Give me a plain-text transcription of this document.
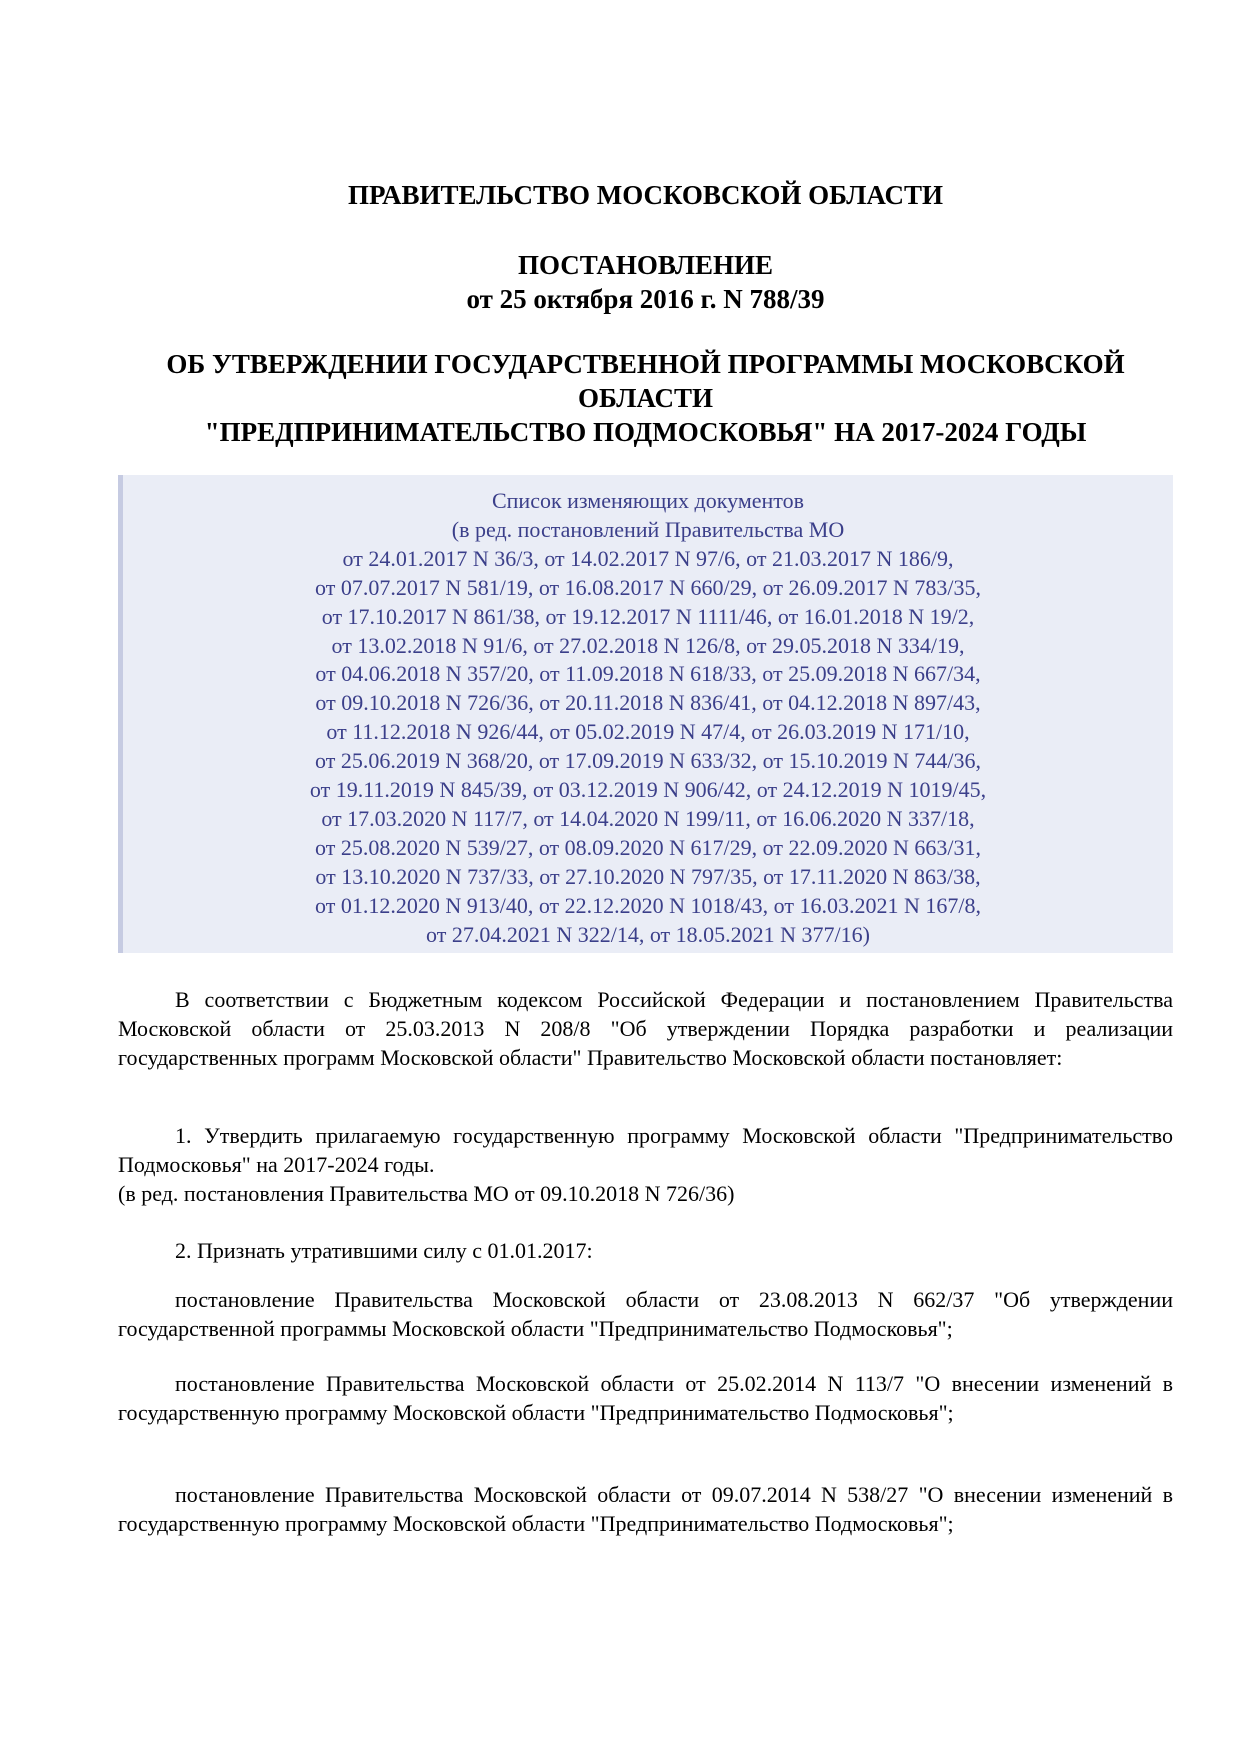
ПРАВИТЕЛЬСТВО МОСКОВСКОЙ ОБЛАСТИ
ПОСТАНОВЛЕНИЕ
от 25 октября 2016 г. N 788/39
ОБ УТВЕРЖДЕНИИ ГОСУДАРСТВЕННОЙ ПРОГРАММЫ МОСКОВСКОЙ
ОБЛАСТИ
"ПРЕДПРИНИМАТЕЛЬСТВО ПОДМОСКОВЬЯ" НА 2017-2024 ГОДЫ
Список изменяющих документов
(в ред. постановлений Правительства МО
от 24.01.2017 N 36/3, от 14.02.2017 N 97/6, от 21.03.2017 N 186/9,
от 07.07.2017 N 581/19, от 16.08.2017 N 660/29, от 26.09.2017 N 783/35,
от 17.10.2017 N 861/38, от 19.12.2017 N 1111/46, от 16.01.2018 N 19/2,
от 13.02.2018 N 91/6, от 27.02.2018 N 126/8, от 29.05.2018 N 334/19,
от 04.06.2018 N 357/20, от 11.09.2018 N 618/33, от 25.09.2018 N 667/34,
от 09.10.2018 N 726/36, от 20.11.2018 N 836/41, от 04.12.2018 N 897/43,
от 11.12.2018 N 926/44, от 05.02.2019 N 47/4, от 26.03.2019 N 171/10,
от 25.06.2019 N 368/20, от 17.09.2019 N 633/32, от 15.10.2019 N 744/36,
от 19.11.2019 N 845/39, от 03.12.2019 N 906/42, от 24.12.2019 N 1019/45,
от 17.03.2020 N 117/7, от 14.04.2020 N 199/11, от 16.06.2020 N 337/18,
от 25.08.2020 N 539/27, от 08.09.2020 N 617/29, от 22.09.2020 N 663/31,
от 13.10.2020 N 737/33, от 27.10.2020 N 797/35, от 17.11.2020 N 863/38,
от 01.12.2020 N 913/40, от 22.12.2020 N 1018/43, от 16.03.2021 N 167/8,
от 27.04.2021 N 322/14, от 18.05.2021 N 377/16)
В соответствии с Бюджетным кодексом Российской Федерации и постановлением Правительства Московской области от 25.03.2013 N 208/8 "Об утверждении Порядка разработки и реализации государственных программ Московской области" Правительство Московской области постановляет:
1. Утвердить прилагаемую государственную программу Московской области "Предпринимательство Подмосковья" на 2017-2024 годы.
(в ред. постановления Правительства МО от 09.10.2018 N 726/36)
2. Признать утратившими силу с 01.01.2017:
постановление Правительства Московской области от 23.08.2013 N 662/37 "Об утверждении государственной программы Московской области "Предпринимательство Подмосковья";
постановление Правительства Московской области от 25.02.2014 N 113/7 "О внесении изменений в государственную программу Московской области "Предпринимательство Подмосковья";
постановление Правительства Московской области от 09.07.2014 N 538/27 "О внесении изменений в государственную программу Московской области "Предпринимательство Подмосковья";
